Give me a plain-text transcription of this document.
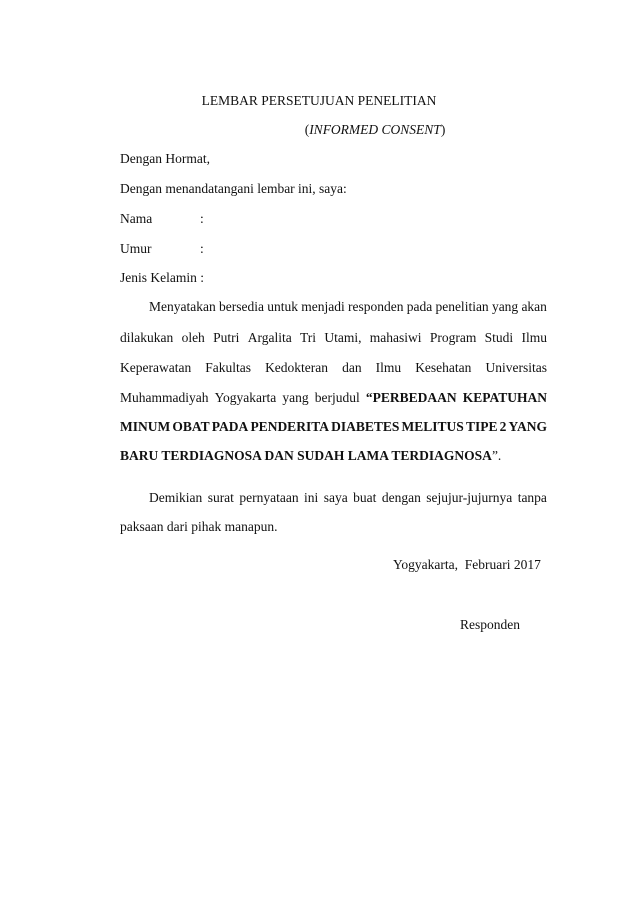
LEMBAR PERSETUJUAN PENELITIAN
(INFORMED CONSENT)
Dengan Hormat,
Dengan menandatangani lembar ini, saya:
Nama	:
Umur	:
Jenis Kelamin :
Menyatakan bersedia untuk menjadi responden pada penelitian yang akan
dilakukan oleh Putri Argalita Tri Utami, mahasiwi Program Studi Ilmu
Keperawatan Fakultas Kedokteran dan Ilmu Kesehatan Universitas
Muhammadiyah Yogyakarta yang berjudul “PERBEDAAN KEPATUHAN
MINUM OBAT PADA PENDERITA DIABETES MELITUS TIPE 2 YANG
BARU TERDIAGNOSA DAN SUDAH LAMA TERDIAGNOSA”.
Demikian surat pernyataan ini saya buat dengan sejujur-jujurnya tanpa
paksaan dari pihak manapun.
Yogyakarta,  Februari 2017
Responden
